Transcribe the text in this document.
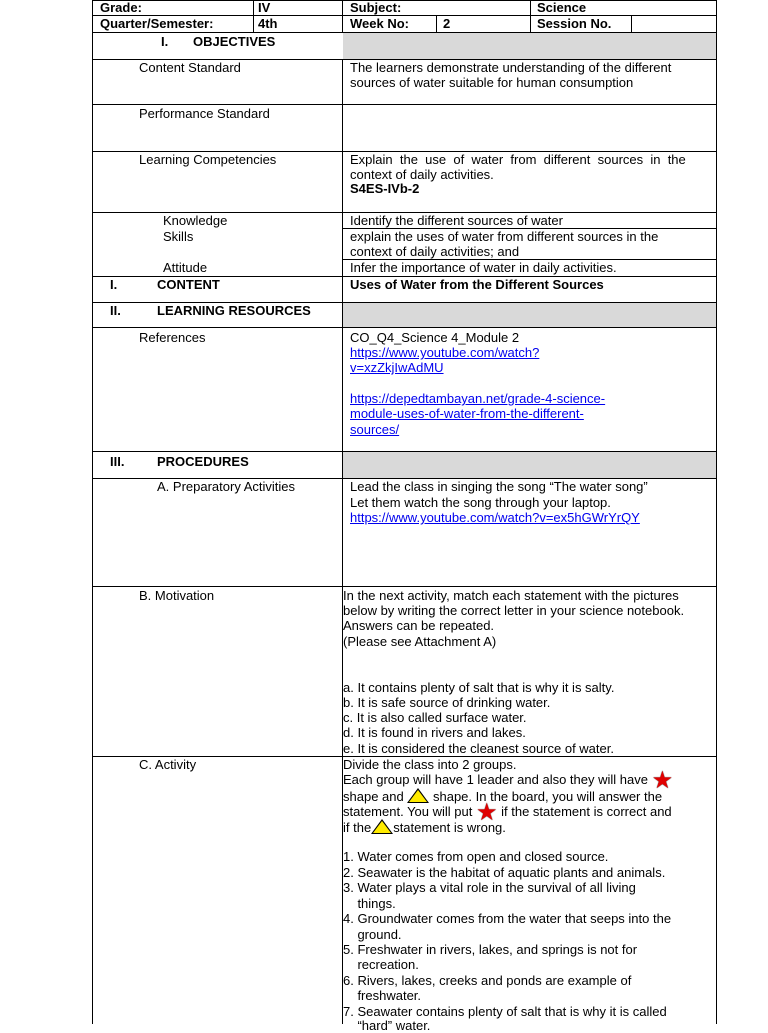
Grade:	IV	Subject:	Science
Quarter/Semester:	4th	Week No:	2	Session No.
I. OBJECTIVES
Content Standard	The learners demonstrate understanding of the different
sources of water suitable for human consumption
Performance Standard
Learning Competencies	Explain  the  use  of  water  from  different  sources  in  the
context of daily activities.
S4ES-IVb-2
Knowledge	Identify the different sources of water
Skills	explain the uses of water from different sources in the
context of daily activities; and
Attitude	Infer the importance of water in daily activities.
I.	CONTENT	Uses of Water from the Different Sources
II.	LEARNING RESOURCES
References	CO_Q4_Science 4_Module 2
https://www.youtube.com/watch?
v=xzZkjIwAdMU
https://depedtambayan.net/grade-4-science-
module-uses-of-water-from-the-different-
sources/
III.	PROCEDURES
A. Preparatory Activities	Lead the class in singing the song “The water song”
Let them watch the song through your laptop.
https://www.youtube.com/watch?v=ex5hGWrYrQY
B. Motivation	In the next activity, match each statement with the pictures
below by writing the correct letter in your science notebook.
Answers can be repeated.
(Please see Attachment A)
a. It contains plenty of salt that is why it is salty.
b. It is safe source of drinking water.
c. It is also called surface water.
d. It is found in rivers and lakes.
e. It is considered the cleanest source of water.
C. Activity	Divide the class into 2 groups.
Each group will have 1 leader and also they will have ★
shape and shape. In the board, you will answer the
statement. You will put ★ if the statement is correct and
if the statement is wrong.
1. Water comes from open and closed source.
2. Seawater is the habitat of aquatic plants and animals.
3. Water plays a vital role in the survival of all living
things.
4. Groundwater comes from the water that seeps into the
ground.
5. Freshwater in rivers, lakes, and springs is not for
recreation.
6. Rivers, lakes, creeks and ponds are example of
freshwater.
7. Seawater contains plenty of salt that is why it is called
“hard” water.
